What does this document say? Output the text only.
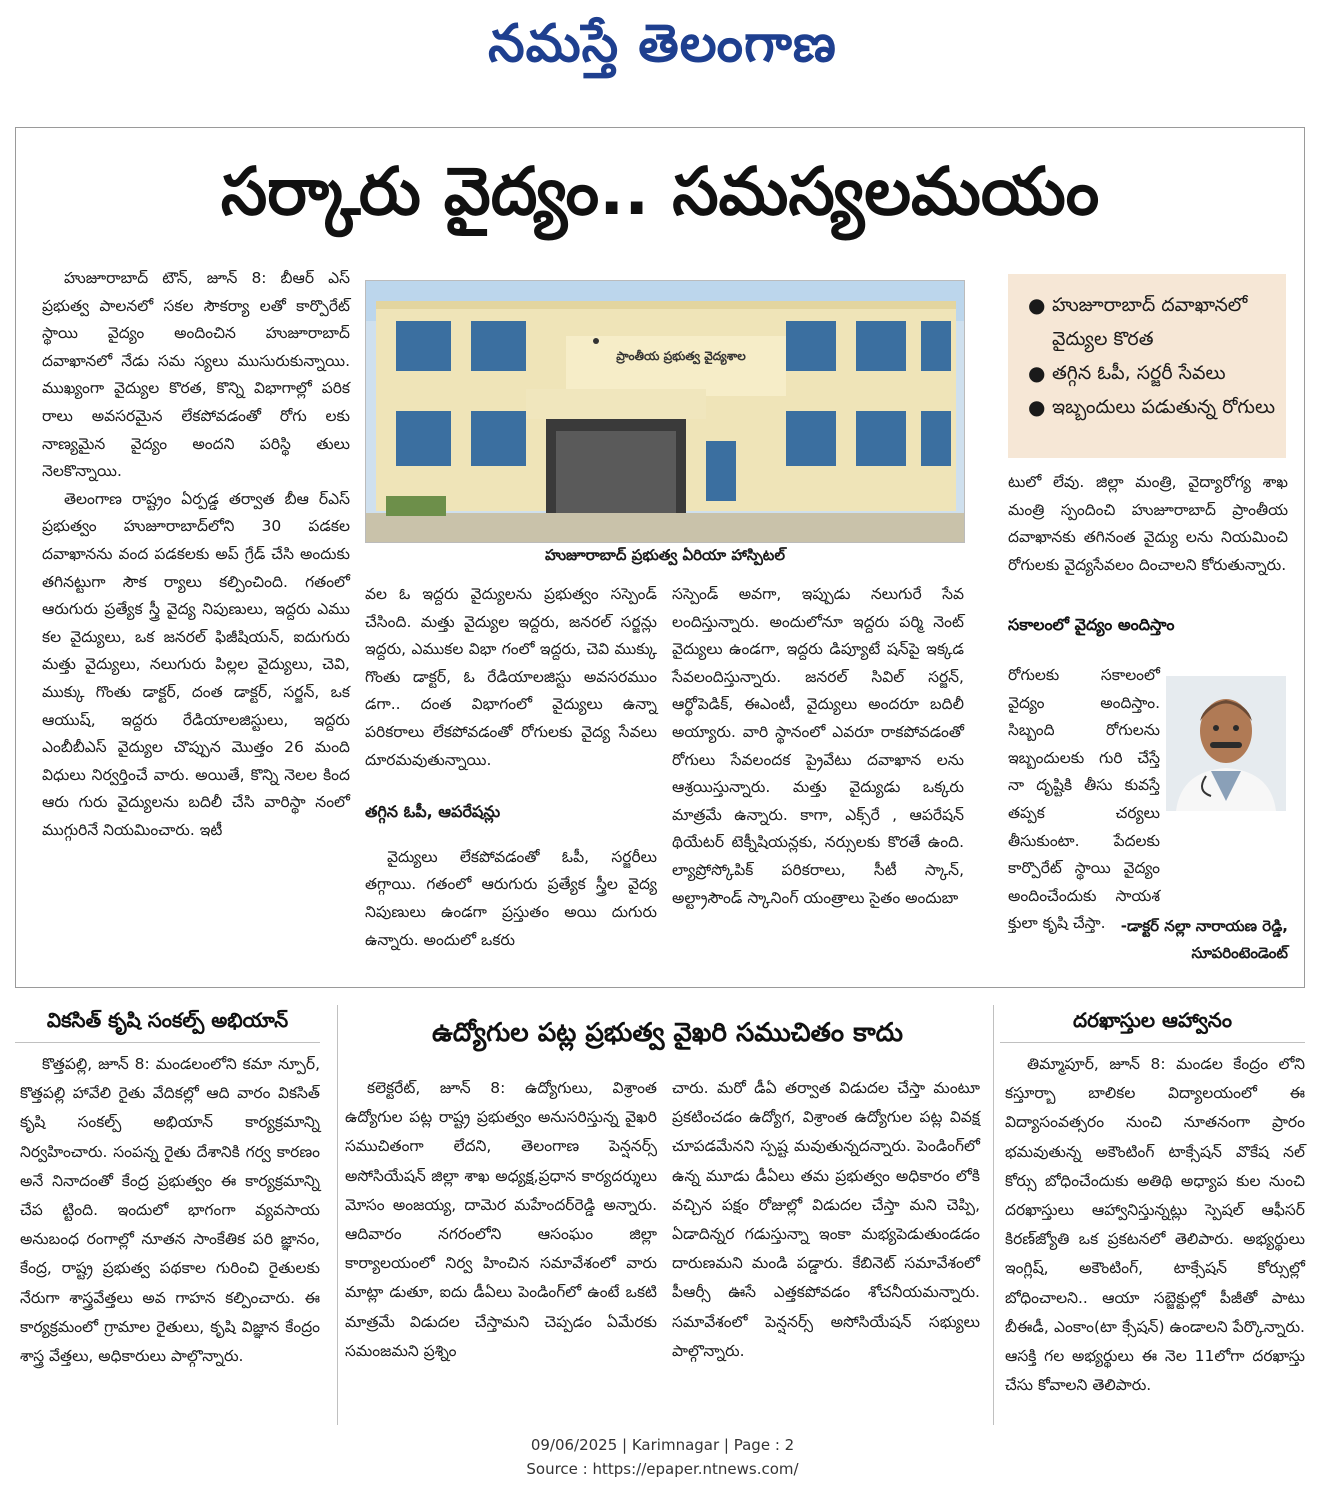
నమస్తే తెలంగాణ
సర్కారు వైద్యం.. సమస్యలమయం

హుజూరాబాద్ టౌన్, జూన్ 8: బీఆర్ ఎస్ ప్రభుత్వ పాలనలో సకల సౌకర్యా లతో కార్పొరేట్ స్థాయి వైద్యం అందించిన హుజూరాబాద్ దవాఖానలో నేడు సమ స్యలు ముసురుకున్నాయి. ముఖ్యంగా వైద్యుల కొరత, కొన్ని విభాగాల్లో పరిక రాలు అవసరమైన లేకపోవడంతో రోగు లకు నాణ్యమైన వైద్యం అందని పరిస్థి తులు నెలకొన్నాయి.

తెలంగాణ రాష్ట్రం ఏర్పడ్డ తర్వాత బీఆ ర్ఎస్ ప్రభుత్వం హుజూరాబాద్‌లోని 30 పడకల దవాఖానను వంద పడకలకు అప్ గ్రేడ్ చేసి అందుకు తగినట్టుగా సౌక ర్యాలు కల్పించింది. గతంలో ఆరుగురు ప్రత్యేక స్త్రీ వైద్య నిపుణులు, ఇద్దరు ఎము కల వైద్యులు, ఒక జనరల్ ఫిజీషియన్, ఐదుగురు మత్తు వైద్యులు, నలుగురు పిల్లల వైద్యులు, చెవి, ముక్కు గొంతు డాక్టర్, దంత డాక్టర్, సర్జన్, ఒక ఆయుష్, ఇద్దరు రేడియాలజిస్టులు, ఇద్దరు ఎంబీబీఎస్ వైద్యుల చొప్పున మొత్తం 26 మంది విధులు నిర్వర్తించే వారు. అయితే, కొన్ని నెలల కింద ఆరు గురు వైద్యులను బదిలీ చేసి వారిస్థా నంలో ముగ్గురినే నియమించారు. ఇటీ

ప్రాంతీయ ప్రభుత్వ వైద్యశాల
హుజూరాబాద్ ప్రభుత్వ ఏరియా హాస్పిటల్

వల ఓ ఇద్దరు వైద్యులను ప్రభుత్వం సస్పెండ్ చేసింది. మత్తు వైద్యుల ఇద్దరు, జనరల్ సర్జన్లు ఇద్దరు, ఎముకల విభా గంలో ఇద్దరు, చెవి ముక్కు గొంతు డాక్టర్, ఓ రేడియాలజిస్టు అవసరముం డగా.. దంత విభాగంలో వైద్యులు ఉన్నా పరికరాలు లేకపోవడంతో రోగులకు వైద్య సేవలు దూరమవుతున్నాయి.

తగ్గిన ఓపీ, ఆపరేషన్లు

వైద్యులు లేకపోవడంతో ఓపీ, సర్జరీలు తగ్గాయి. గతంలో ఆరుగురు ప్రత్యేక స్త్రీల వైద్య నిపుణులు ఉండగా ప్రస్తుతం అయి దుగురు ఉన్నారు. అందులో ఒకరు

సస్పెండ్ అవగా, ఇప్పుడు నలుగురే సేవ లందిస్తున్నారు. అందులోనూ ఇద్దరు పర్మి నెంట్ వైద్యులు ఉండగా, ఇద్దరు డిప్యూటే షన్‌పై ఇక్కడ సేవలందిస్తున్నారు. జనరల్ సివిల్ సర్జన్, ఆర్థోపెడిక్, ఈఎంటీ, వైద్యులు అందరూ బదిలీ అయ్యారు. వారి స్థానంలో ఎవరూ రాకపోవడంతో రోగులు సేవలందక ప్రైవేటు దవాఖాన లను ఆశ్రయిస్తున్నారు. మత్తు వైద్యుడు ఒక్కరు మాత్రమే ఉన్నారు. కాగా, ఎక్స్‌రే , ఆపరేషన్ థియేటర్ టెక్నీషియన్లకు, నర్సులకు కొరతే ఉంది. ల్యాప్రోస్కోపిక్ పరికరాలు, సీటీ స్కాన్, అల్ట్రాసౌండ్ స్కానింగ్ యంత్రాలు సైతం అందుబా

● హుజూరాబాద్ దవాఖానలో వైద్యుల కొరత
● తగ్గిన ఓపీ, సర్జరీ సేవలు
● ఇబ్బందులు పడుతున్న రోగులు

టులో లేవు. జిల్లా మంత్రి, వైద్యారోగ్య శాఖ మంత్రి స్పందించి హుజూరాబాద్ ప్రాంతీయ దవాఖానకు తగినంత వైద్యు లను నియమించి రోగులకు వైద్యసేవలం దించాలని కోరుతున్నారు.

సకాలంలో వైద్యం అందిస్తాం

రోగులకు సకాలంలో వైద్యం అందిస్తాం. సిబ్బంది రోగులను ఇబ్బందులకు గురి చేస్తే నా దృష్టికి తీసు కువస్తే తప్పక చర్యలు తీసుకుంటా. పేదలకు కార్పొరేట్ స్థాయి వైద్యం అందించేందుకు సాయశ క్తులా కృషి చేస్తా.	-డాక్టర్ నల్లా నారాయణ రెడ్డి,
సూపరింటెండెంట్
వికసిత్ కృషి సంకల్ప్ అభియాన్

కొత్తపల్లి, జూన్ 8: మండలంలోని కమా న్పూర్, కొత్తపల్లి హావేలి రైతు వేదికల్లో ఆది వారం వికసిత్ కృషి సంకల్ప్ అభియాన్ కార్యక్రమాన్ని నిర్వహించారు. సంపన్న రైతు దేశానికి గర్వ కారణం అనే నినాదంతో కేంద్ర ప్రభుత్వం ఈ కార్యక్రమాన్ని చేప ట్టింది. ఇందులో భాగంగా వ్యవసాయ అనుబంధ రంగాల్లో నూతన సాంకేతిక పరి జ్ఞానం, కేంద్ర, రాష్ట్ర ప్రభుత్వ పథకాల గురించి రైతులకు నేరుగా శాస్త్రవేత్తలు అవ గాహన కల్పించారు. ఈ కార్యక్రమంలో గ్రామాల రైతులు, కృషి విజ్ఞాన కేంద్రం శాస్త్ర వేత్తలు, అధికారులు పాల్గొన్నారు.

ఉద్యోగుల పట్ల ప్రభుత్వ వైఖరి సముచితం కాదు

కలెక్టరేట్, జూన్ 8: ఉద్యోగులు, విశ్రాంత ఉద్యోగుల పట్ల రాష్ట్ర ప్రభుత్వం అనుసరిస్తున్న వైఖరి సముచితంగా లేదని, తెలంగాణ పెన్షనర్స్ అసోసియేషన్ జిల్లా శాఖ అధ్యక్ష,ప్రధాన కార్యదర్శులు మోసం అంజయ్య, దామెర మహేందర్‌రెడ్డి అన్నారు. ఆదివారం నగరంలోని ఆసంఘం జిల్లా కార్యాలయంలో నిర్వ హించిన సమావేశంలో వారు మాట్లా డుతూ, ఐదు డీఏలు పెండింగ్‌లో ఉంటే ఒకటి మాత్రమే విడుదల చేస్తామని చెప్పడం ఏమేరకు సమంజమని ప్రశ్నిం

చారు. మరో డీఏ తర్వాత విడుదల చేస్తా మంటూ ప్రకటించడం ఉద్యోగ, విశ్రాంత ఉద్యోగుల పట్ల వివక్ష చూపడమేనని స్పష్ట మవుతున్నదన్నారు. పెండింగ్‌లో ఉన్న మూడు డీఏలు తమ ప్రభుత్వం అధికారం లోకి వచ్చిన పక్షం రోజుల్లో విడుదల చేస్తా మని చెప్పి, ఏడాదిన్నర గడుస్తున్నా ఇంకా మభ్యపెడుతుండడం దారుణమని మండి పడ్డారు. కేబినెట్ సమావేశంలో పీఆర్సీ ఊసే ఎత్తకపోవడం శోచనీయమన్నారు. సమావేశంలో పెన్షనర్స్ అసోసియేషన్ సభ్యులు పాల్గొన్నారు.

దరఖాస్తుల ఆహ్వానం

తిమ్మాపూర్, జూన్ 8: మండల కేంద్రం లోని కస్తూర్బా బాలికల విద్యాలయంలో ఈ విద్యాసంవత్సరం నుంచి నూతనంగా ప్రారం భమవుతున్న అకౌంటింగ్ టాక్సేషన్ వొకేష నల్ కోర్సు బోధించేందుకు అతిథి అధ్యాప కుల నుంచి దరఖాస్తులు ఆహ్వానిస్తున్నట్లు స్పెషల్ ఆఫీసర్ కిరణ్‌జ్యోతి ఒక ప్రకటనలో తెలిపారు. అభ్యర్థులు ఇంగ్లిష్, అకౌంటింగ్, టాక్సేషన్ కోర్సుల్లో బోధించాలని.. ఆయా సబ్జెక్టుల్లో పీజీతో పాటు బీఈడీ, ఎంకాం(టా క్సేషన్) ఉండాలని పేర్కొన్నారు. ఆసక్తి గల అభ్యర్థులు ఈ నెల 11లోగా దరఖాస్తు చేసు కోవాలని తెలిపారు.

09/06/2025 | Karimnagar | Page : 2
Source : https://epaper.ntnews.com/
